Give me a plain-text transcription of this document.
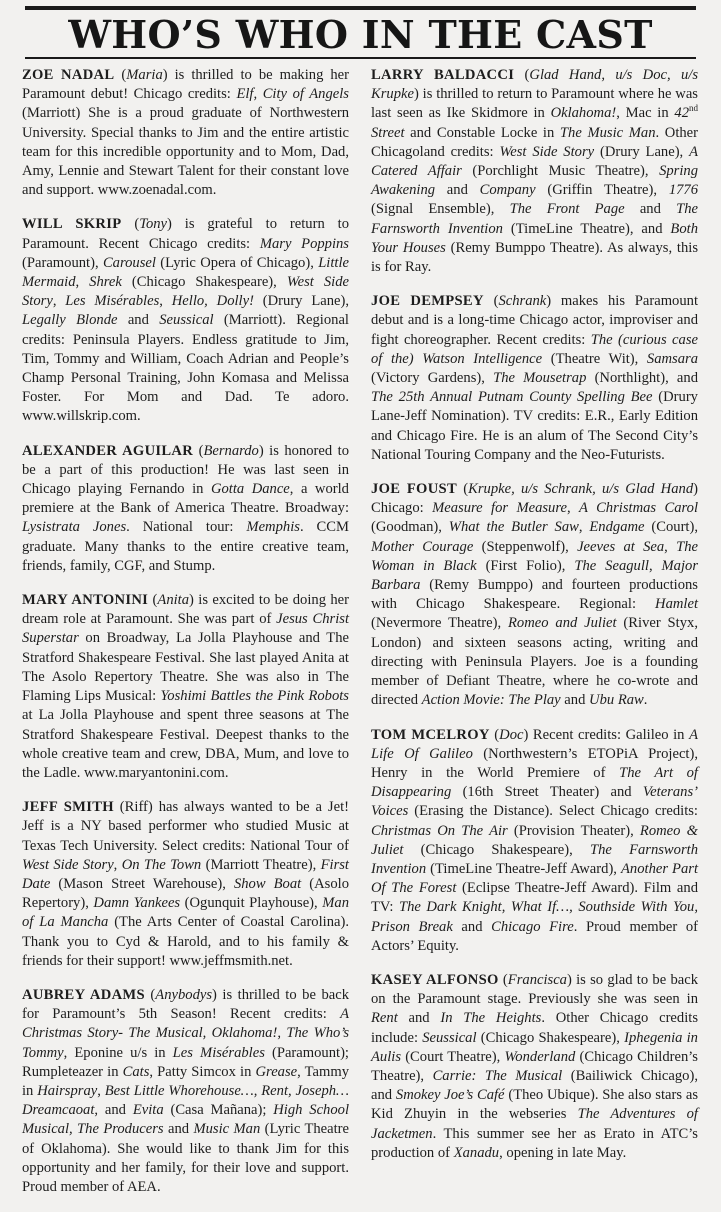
WHO’S WHO IN THE CAST

ZOE NADAL (Maria) is thrilled to be making her Paramount debut! Chicago credits: Elf, City of Angels (Marriott) She is a proud graduate of Northwestern University. Special thanks to Jim and the entire artistic team for this incredible opportunity and to Mom, Dad, Amy, Lennie and Stewart Talent for their constant love and support. www.zoenadal.com.

WILL SKRIP (Tony) is grateful to return to Paramount. Recent Chicago credits: Mary Poppins (Paramount), Carousel (Lyric Opera of Chicago), Little Mermaid, Shrek (Chicago Shakespeare), West Side Story, Les Misérables, Hello, Dolly! (Drury Lane), Legally Blonde and Seussical (Marriott). Regional credits: Peninsula Players. Endless gratitude to Jim, Tim, Tommy and William, Coach Adrian and People’s Champ Personal Training, John Komasa and Melissa Foster. For Mom and Dad. Te adoro. www.willskrip.com.

ALEXANDER AGUILAR (Bernardo) is honored to be a part of this production! He was last seen in Chicago playing Fernando in Gotta Dance, a world premiere at the Bank of America Theatre. Broadway: Lysistrata Jones. National tour: Memphis. CCM graduate. Many thanks to the entire creative team, friends, family, CGF, and Stump.

MARY ANTONINI (Anita) is excited to be doing her dream role at Paramount. She was part of Jesus Christ Superstar on Broadway, La Jolla Playhouse and The Stratford Shakespeare Festival. She last played Anita at The Asolo Repertory Theatre. She was also in The Flaming Lips Musical: Yoshimi Battles the Pink Robots at La Jolla Playhouse and spent three seasons at The Stratford Shakespeare Festival. Deepest thanks to the whole creative team and crew, DBA, Mum, and love to the Ladle. www.maryantonini.com.

JEFF SMITH (Riff) has always wanted to be a Jet! Jeff is a NY based performer who studied Music at Texas Tech University. Select credits: National Tour of West Side Story, On The Town (Marriott Theatre), First Date (Mason Street Warehouse), Show Boat (Asolo Repertory), Damn Yankees (Ogunquit Playhouse), Man of La Mancha (The Arts Center of Coastal Carolina). Thank you to Cyd & Harold, and to his family & friends for their support! www.jeffmsmith.net.

AUBREY ADAMS (Anybodys) is thrilled to be back for Paramount’s 5th Season! Recent credits: A Christmas Story- The Musical, Oklahoma!, The Who’s Tommy, Eponine u/s in Les Misérables (Paramount); Rumpleteazer in Cats, Patty Simcox in Grease, Tammy in Hairspray, Best Little Whorehouse…, Rent, Joseph…Dreamcaoat, and Evita (Casa Mañana); High School Musical, The Producers and Music Man (Lyric Theatre of Oklahoma). She would like to thank Jim for this opportunity and her family, for their love and support. Proud member of AEA.

LARRY BALDACCI (Glad Hand, u/s Doc, u/s Krupke) is thrilled to return to Paramount where he was last seen as Ike Skidmore in Oklahoma!, Mac in 42nd Street and Constable Locke in The Music Man. Other Chicagoland credits: West Side Story (Drury Lane), A Catered Affair (Porchlight Music Theatre), Spring Awakening and Company (Griffin Theatre), 1776 (Signal Ensemble), The Front Page and The Farnsworth Invention (TimeLine Theatre), and Both Your Houses (Remy Bumppo Theatre). As always, this is for Ray.

JOE DEMPSEY (Schrank) makes his Paramount debut and is a long-time Chicago actor, improviser and fight choreographer. Recent credits: The (curious case of the) Watson Intelligence (Theatre Wit), Samsara (Victory Gardens), The Mousetrap (Northlight), and The 25th Annual Putnam County Spelling Bee (Drury Lane-Jeff Nomination). TV credits: E.R., Early Edition and Chicago Fire. He is an alum of The Second City’s National Touring Company and the Neo-Futurists.

JOE FOUST (Krupke, u/s Schrank, u/s Glad Hand) Chicago: Measure for Measure, A Christmas Carol (Goodman), What the Butler Saw, Endgame (Court), Mother Courage (Steppenwolf), Jeeves at Sea, The Woman in Black (First Folio), The Seagull, Major Barbara (Remy Bumppo) and fourteen productions with Chicago Shakespeare. Regional: Hamlet (Nevermore Theatre), Romeo and Juliet (River Styx, London) and sixteen seasons acting, writing and directing with Peninsula Players. Joe is a founding member of Defiant Theatre, where he co-wrote and directed Action Movie: The Play and Ubu Raw.

TOM MCELROY (Doc) Recent credits: Galileo in A Life Of Galileo (Northwestern’s ETOPiA Project), Henry in the World Premiere of The Art of Disappearing (16th Street Theater) and Veterans’ Voices (Erasing the Distance). Select Chicago credits: Christmas On The Air (Provision Theater), Romeo & Juliet (Chicago Shakespeare), The Farnsworth Invention (TimeLine Theatre-Jeff Award), Another Part Of The Forest (Eclipse Theatre-Jeff Award). Film and TV: The Dark Knight, What If…, Southside With You, Prison Break and Chicago Fire. Proud member of Actors’ Equity.

KASEY ALFONSO (Francisca) is so glad to be back on the Paramount stage. Previously she was seen in Rent and In The Heights. Other Chicago credits include: Seussical (Chicago Shakespeare), Iphegenia in Aulis (Court Theatre), Wonderland (Chicago Children’s Theatre), Carrie: The Musical (Bailiwick Chicago), and Smokey Joe’s Café (Theo Ubique). She also stars as Kid Zhuyin in the webseries The Adventures of Jacketmen. This summer see her as Erato in ATC’s production of Xanadu, opening in late May.
